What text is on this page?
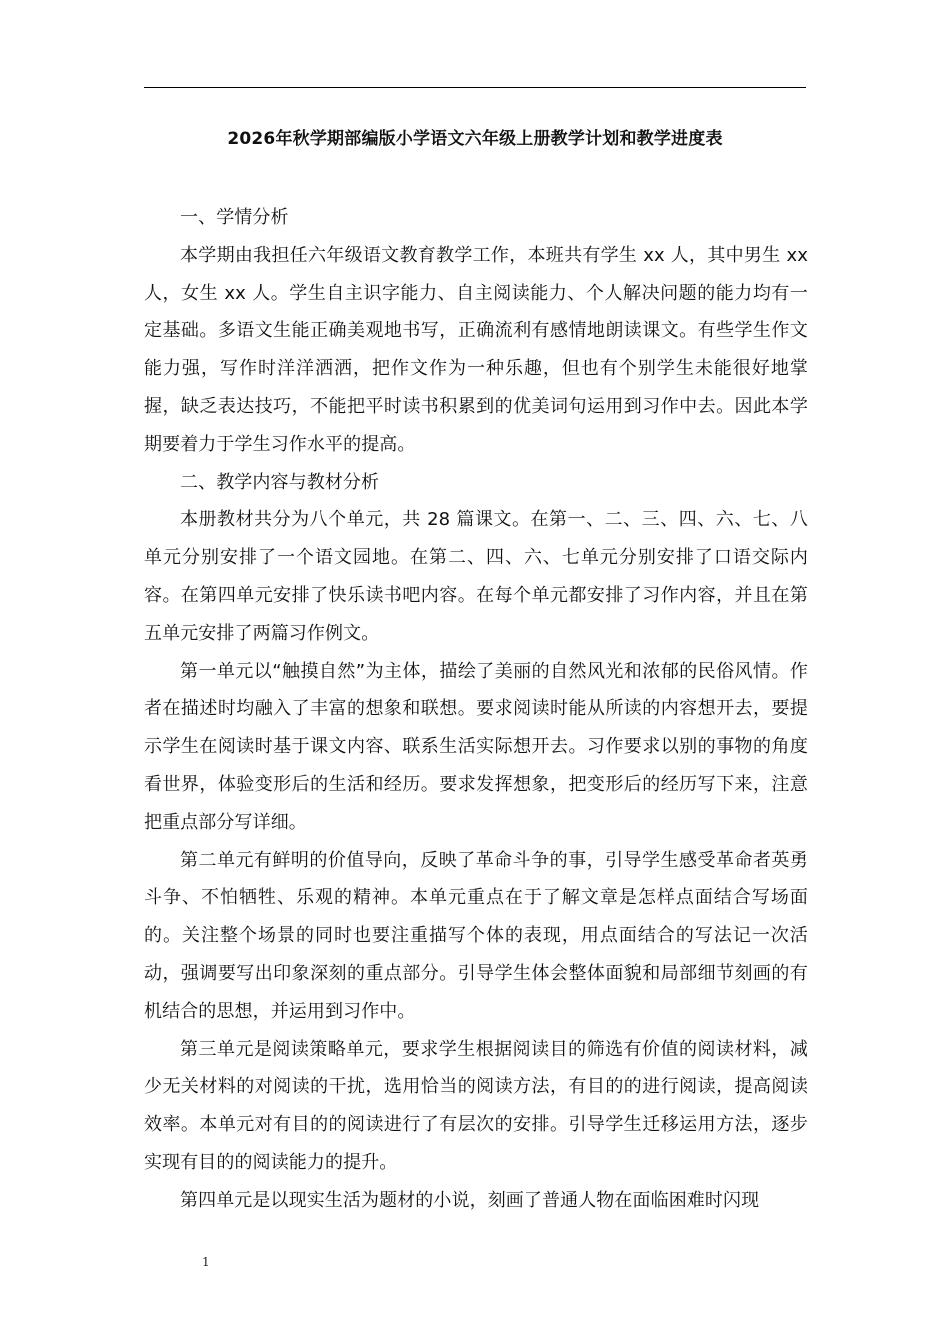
2026年秋学期部编版小学语文六年级上册教学计划和教学进度表

一、学情分析

本学期由我担任六年级语文教育教学工作，本班共有学生 xx 人，其中男生 xx 人，女生 xx 人。学生自主识字能力、自主阅读能力、个人解决问题的能力均有一定基础。多语文生能正确美观地书写，正确流利有感情地朗读课文。有些学生作文能力强，写作时洋洋洒洒，把作文作为一种乐趣，但也有个别学生未能很好地掌握，缺乏表达技巧，不能把平时读书积累到的优美词句运用到习作中去。因此本学期要着力于学生习作水平的提高。

二、教学内容与教材分析

本册教材共分为八个单元，共 28 篇课文。在第一、二、三、四、六、七、八单元分别安排了一个语文园地。在第二、四、六、七单元分别安排了口语交际内容。在第四单元安排了快乐读书吧内容。在每个单元都安排了习作内容，并且在第五单元安排了两篇习作例文。

第一单元以“触摸自然”为主体，描绘了美丽的自然风光和浓郁的民俗风情。作者在描述时均融入了丰富的想象和联想。要求阅读时能从所读的内容想开去，要提示学生在阅读时基于课文内容、联系生活实际想开去。习作要求以别的事物的角度看世界，体验变形后的生活和经历。要求发挥想象，把变形后的经历写下来，注意把重点部分写详细。

第二单元有鲜明的价值导向，反映了革命斗争的事，引导学生感受革命者英勇斗争、不怕牺牲、乐观的精神。本单元重点在于了解文章是怎样点面结合写场面的。关注整个场景的同时也要注重描写个体的表现，用点面结合的写法记一次活动，强调要写出印象深刻的重点部分。引导学生体会整体面貌和局部细节刻画的有机结合的思想，并运用到习作中。

第三单元是阅读策略单元，要求学生根据阅读目的筛选有价值的阅读材料，减少无关材料的对阅读的干扰，选用恰当的阅读方法，有目的的进行阅读，提高阅读效率。本单元对有目的的阅读进行了有层次的安排。引导学生迁移运用方法，逐步实现有目的的阅读能力的提升。

第四单元是以现实生活为题材的小说，刻画了普通人物在面临困难时闪现

1
